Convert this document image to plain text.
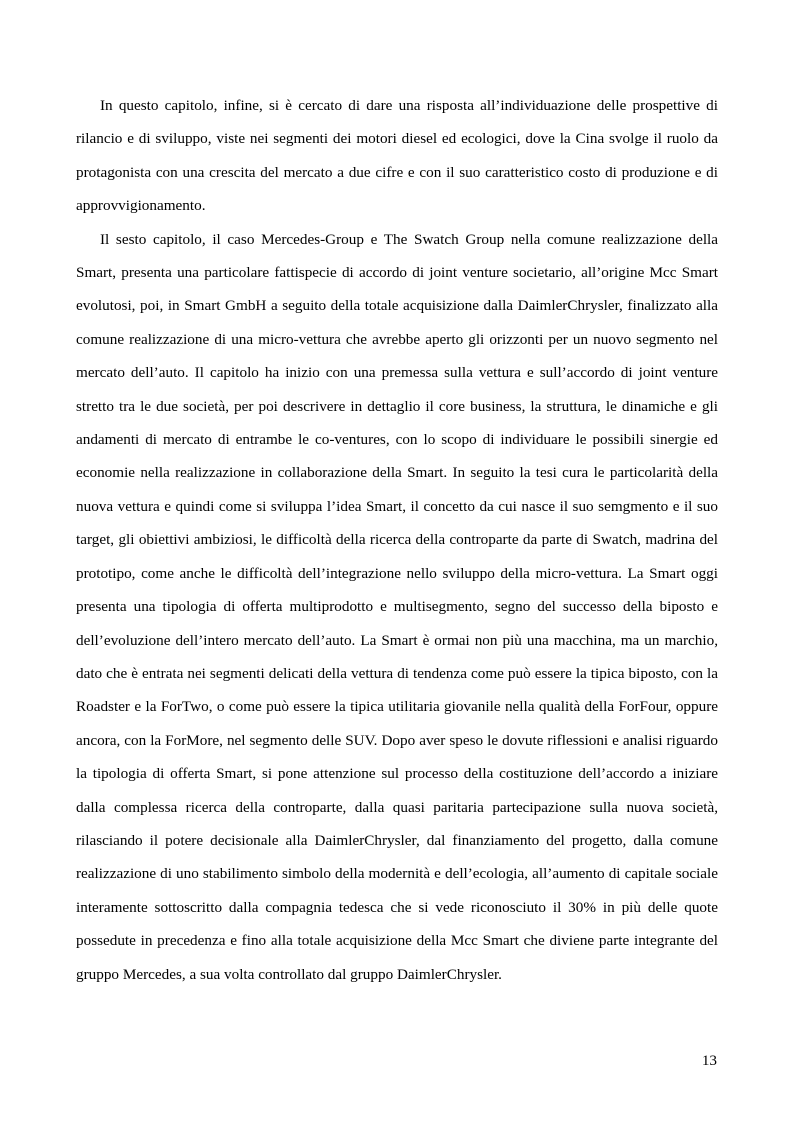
In questo capitolo, infine, si è cercato di dare una risposta all’individuazione delle prospettive di rilancio e di sviluppo, viste nei segmenti dei motori diesel ed ecologici, dove la Cina svolge il ruolo da protagonista con una crescita del mercato a due cifre e con il suo caratteristico costo di produzione e di approvvigionamento.

Il sesto capitolo, il caso Mercedes-Group e The Swatch Group nella comune realizzazione della Smart, presenta una particolare fattispecie di accordo di joint venture societario, all’origine Mcc Smart evolutosi, poi, in Smart GmbH a seguito della totale acquisizione dalla DaimlerChrysler, finalizzato alla comune realizzazione di una micro-vettura che avrebbe aperto gli orizzonti per un nuovo segmento nel mercato dell’auto. Il capitolo ha inizio con una premessa sulla vettura e sull’accordo di joint venture stretto tra le due società, per poi descrivere in dettaglio il core business, la struttura, le dinamiche e gli andamenti di mercato di entrambe le co-ventures, con lo scopo di individuare le possibili sinergie ed economie nella realizzazione in collaborazione della Smart. In seguito la tesi cura le particolarità della nuova vettura e quindi come si sviluppa l’idea Smart, il concetto da cui nasce il suo semgmento e il suo target, gli obiettivi ambiziosi, le difficoltà della ricerca della controparte da parte di Swatch, madrina del prototipo, come anche le difficoltà dell’integrazione nello sviluppo della micro-vettura. La Smart oggi presenta una tipologia di offerta multiprodotto e multisegmento, segno del successo della biposto e dell’evoluzione dell’intero mercato dell’auto. La Smart è ormai non più una macchina, ma un marchio, dato che è entrata nei segmenti delicati della vettura di tendenza come può essere la tipica biposto, con la Roadster e la ForTwo, o come può essere la tipica utilitaria giovanile nella qualità della ForFour, oppure ancora, con la ForMore, nel segmento delle SUV. Dopo aver speso le dovute riflessioni e analisi riguardo la tipologia di offerta Smart, si pone attenzione sul processo della costituzione dell’accordo a iniziare dalla complessa ricerca della controparte, dalla quasi paritaria partecipazione sulla nuova società, rilasciando il potere decisionale alla DaimlerChrysler, dal finanziamento del progetto, dalla comune realizzazione di uno stabilimento simbolo della modernità e dell’ecologia, all’aumento di capitale sociale interamente sottoscritto dalla compagnia tedesca che si vede riconosciuto il 30% in più delle quote possedute in precedenza e fino alla totale acquisizione della Mcc Smart che diviene parte integrante del gruppo Mercedes, a sua volta controllato dal gruppo DaimlerChrysler.

13
